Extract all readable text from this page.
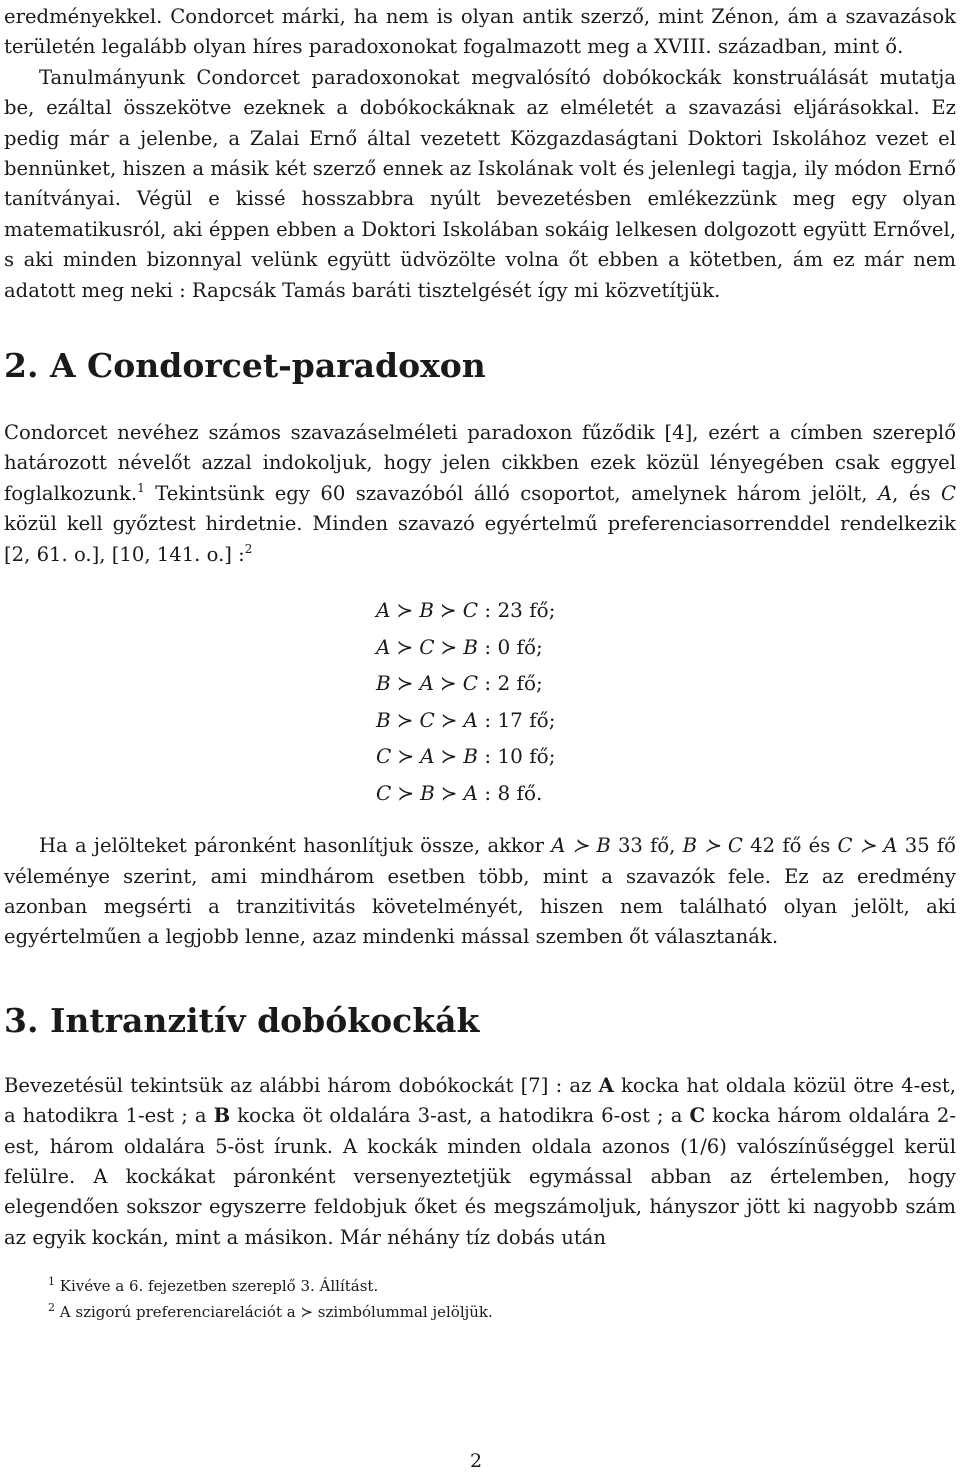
eredményekkel. Condorcet márki, ha nem is olyan antik szerző, mint Zénon, ám a szavazások területén legalább olyan híres paradoxonokat fogalmazott meg a XVIII. században, mint ő.

Tanulmányunk Condorcet paradoxonokat megvalósító dobókockák konstruálását mutatja be, ezáltal összekötve ezeknek a dobókockáknak az elméletét a szavazási eljárásokkal. Ez pedig már a jelenbe, a Zalai Ernő által vezetett Közgazdaságtani Doktori Iskolához vezet el bennünket, hiszen a másik két szerző ennek az Iskolának volt és jelenlegi tagja, ily módon Ernő tanítványai. Végül e kissé hosszabbra nyúlt bevezetésben emlékezzünk meg egy olyan matematikusról, aki éppen ebben a Doktori Iskolában sokáig lelkesen dolgozott együtt Ernővel, s aki minden bizonnyal velünk együtt üdvözölte volna őt ebben a kötetben, ám ez már nem adatott meg neki : Rapcsák Tamás baráti tisztelgését így mi közvetítjük.

2. A Condorcet-paradoxon

Condorcet nevéhez számos szavazáselméleti paradoxon fűződik [4], ezért a címben szereplő határozott névelőt azzal indokoljuk, hogy jelen cikkben ezek közül lényegében csak eggyel foglalkozunk.$^1$ Tekintsünk egy 60 szavazóból álló csoportot, amelynek három jelölt, A, és C közül kell győztest hirdetnie. Minden szavazó egyértelmű preferenciasorrenddel rendelkezik [2, 61. o.], [10, 141. o.] :$^2$

A ≻ B ≻ C : 23 fő;
A ≻ C ≻ B : 0 fő;
B ≻ A ≻ C : 2 fő;
B ≻ C ≻ A : 17 fő;
C ≻ A ≻ B : 10 fő;
C ≻ B ≻ A : 8 fő.

Ha a jelölteket páronként hasonlítjuk össze, akkor A ≻ B 33 fő, B ≻ C 42 fő és C ≻ A 35 fő véleménye szerint, ami mindhárom esetben több, mint a szavazók fele. Ez az eredmény azonban megsérti a tranzitivitás követelményét, hiszen nem található olyan jelölt, aki egyértelműen a legjobb lenne, azaz mindenki mással szemben őt választanák.

3. Intranzitív dobókockák

Bevezetésül tekintsük az alábbi három dobókockát [7] : az A kocka hat oldala közül ötre 4-est, a hatodikra 1-est ; a B kocka öt oldalára 3-ast, a hatodikra 6-ost ; a C kocka három oldalára 2-est, három oldalára 5-öst írunk. A kockák minden oldala azonos (1/6) valószínűséggel kerül felülre. A kockákat páronként versenyeztetjük egymással abban az értelemben, hogy elegendően sokszor egyszerre feldobjuk őket és megszámoljuk, hányszor jött ki nagyobb szám az egyik kockán, mint a másikon. Már néhány tíz dobás után

$^1$ Kivéve a 6. fejezetben szereplő 3. Állítást.
$^2$ A szigorú preferenciarelációt a ≻ szimbólummal jelöljük.
2
